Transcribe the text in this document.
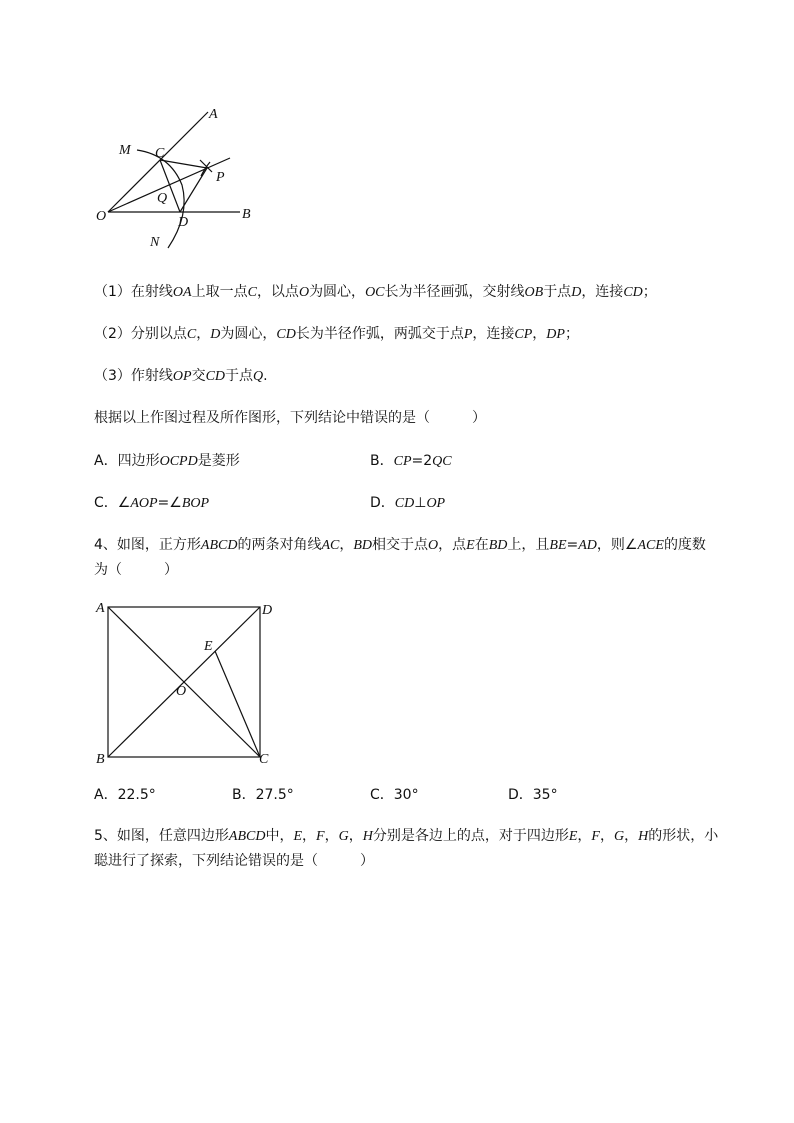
A
M C
P
Q
O	D
B
N
（1）在射线OA上取一点C，以点O为圆心，OC长为半径画弧，交射线OB于点D，连接CD；
（2）分别以点C，D为圆心，CD长为半径作弧，两弧交于点P，连接CP，DP；
（3）作射线OP交CD于点Q.
根据以上作图过程及所作图形，下列结论中错误的是（　　　）
A．四边形OCPD是菱形	B．CP=2QC
C．∠AOP=∠BOP	D．CD⊥OP
4、如图，正方形ABCD的两条对角线AC，BD相交于点O，点E在BD上，且BE=AD，则∠ACE的度数
为（　　　）
A	D
E
O
B	C
A．22.5°	B．27.5°	C．30°	D．35°
5、如图，任意四边形ABCD中，E，F，G，H分别是各边上的点，对于四边形E，F，G，H的形状，小
聪进行了探索，下列结论错误的是（　　　）
